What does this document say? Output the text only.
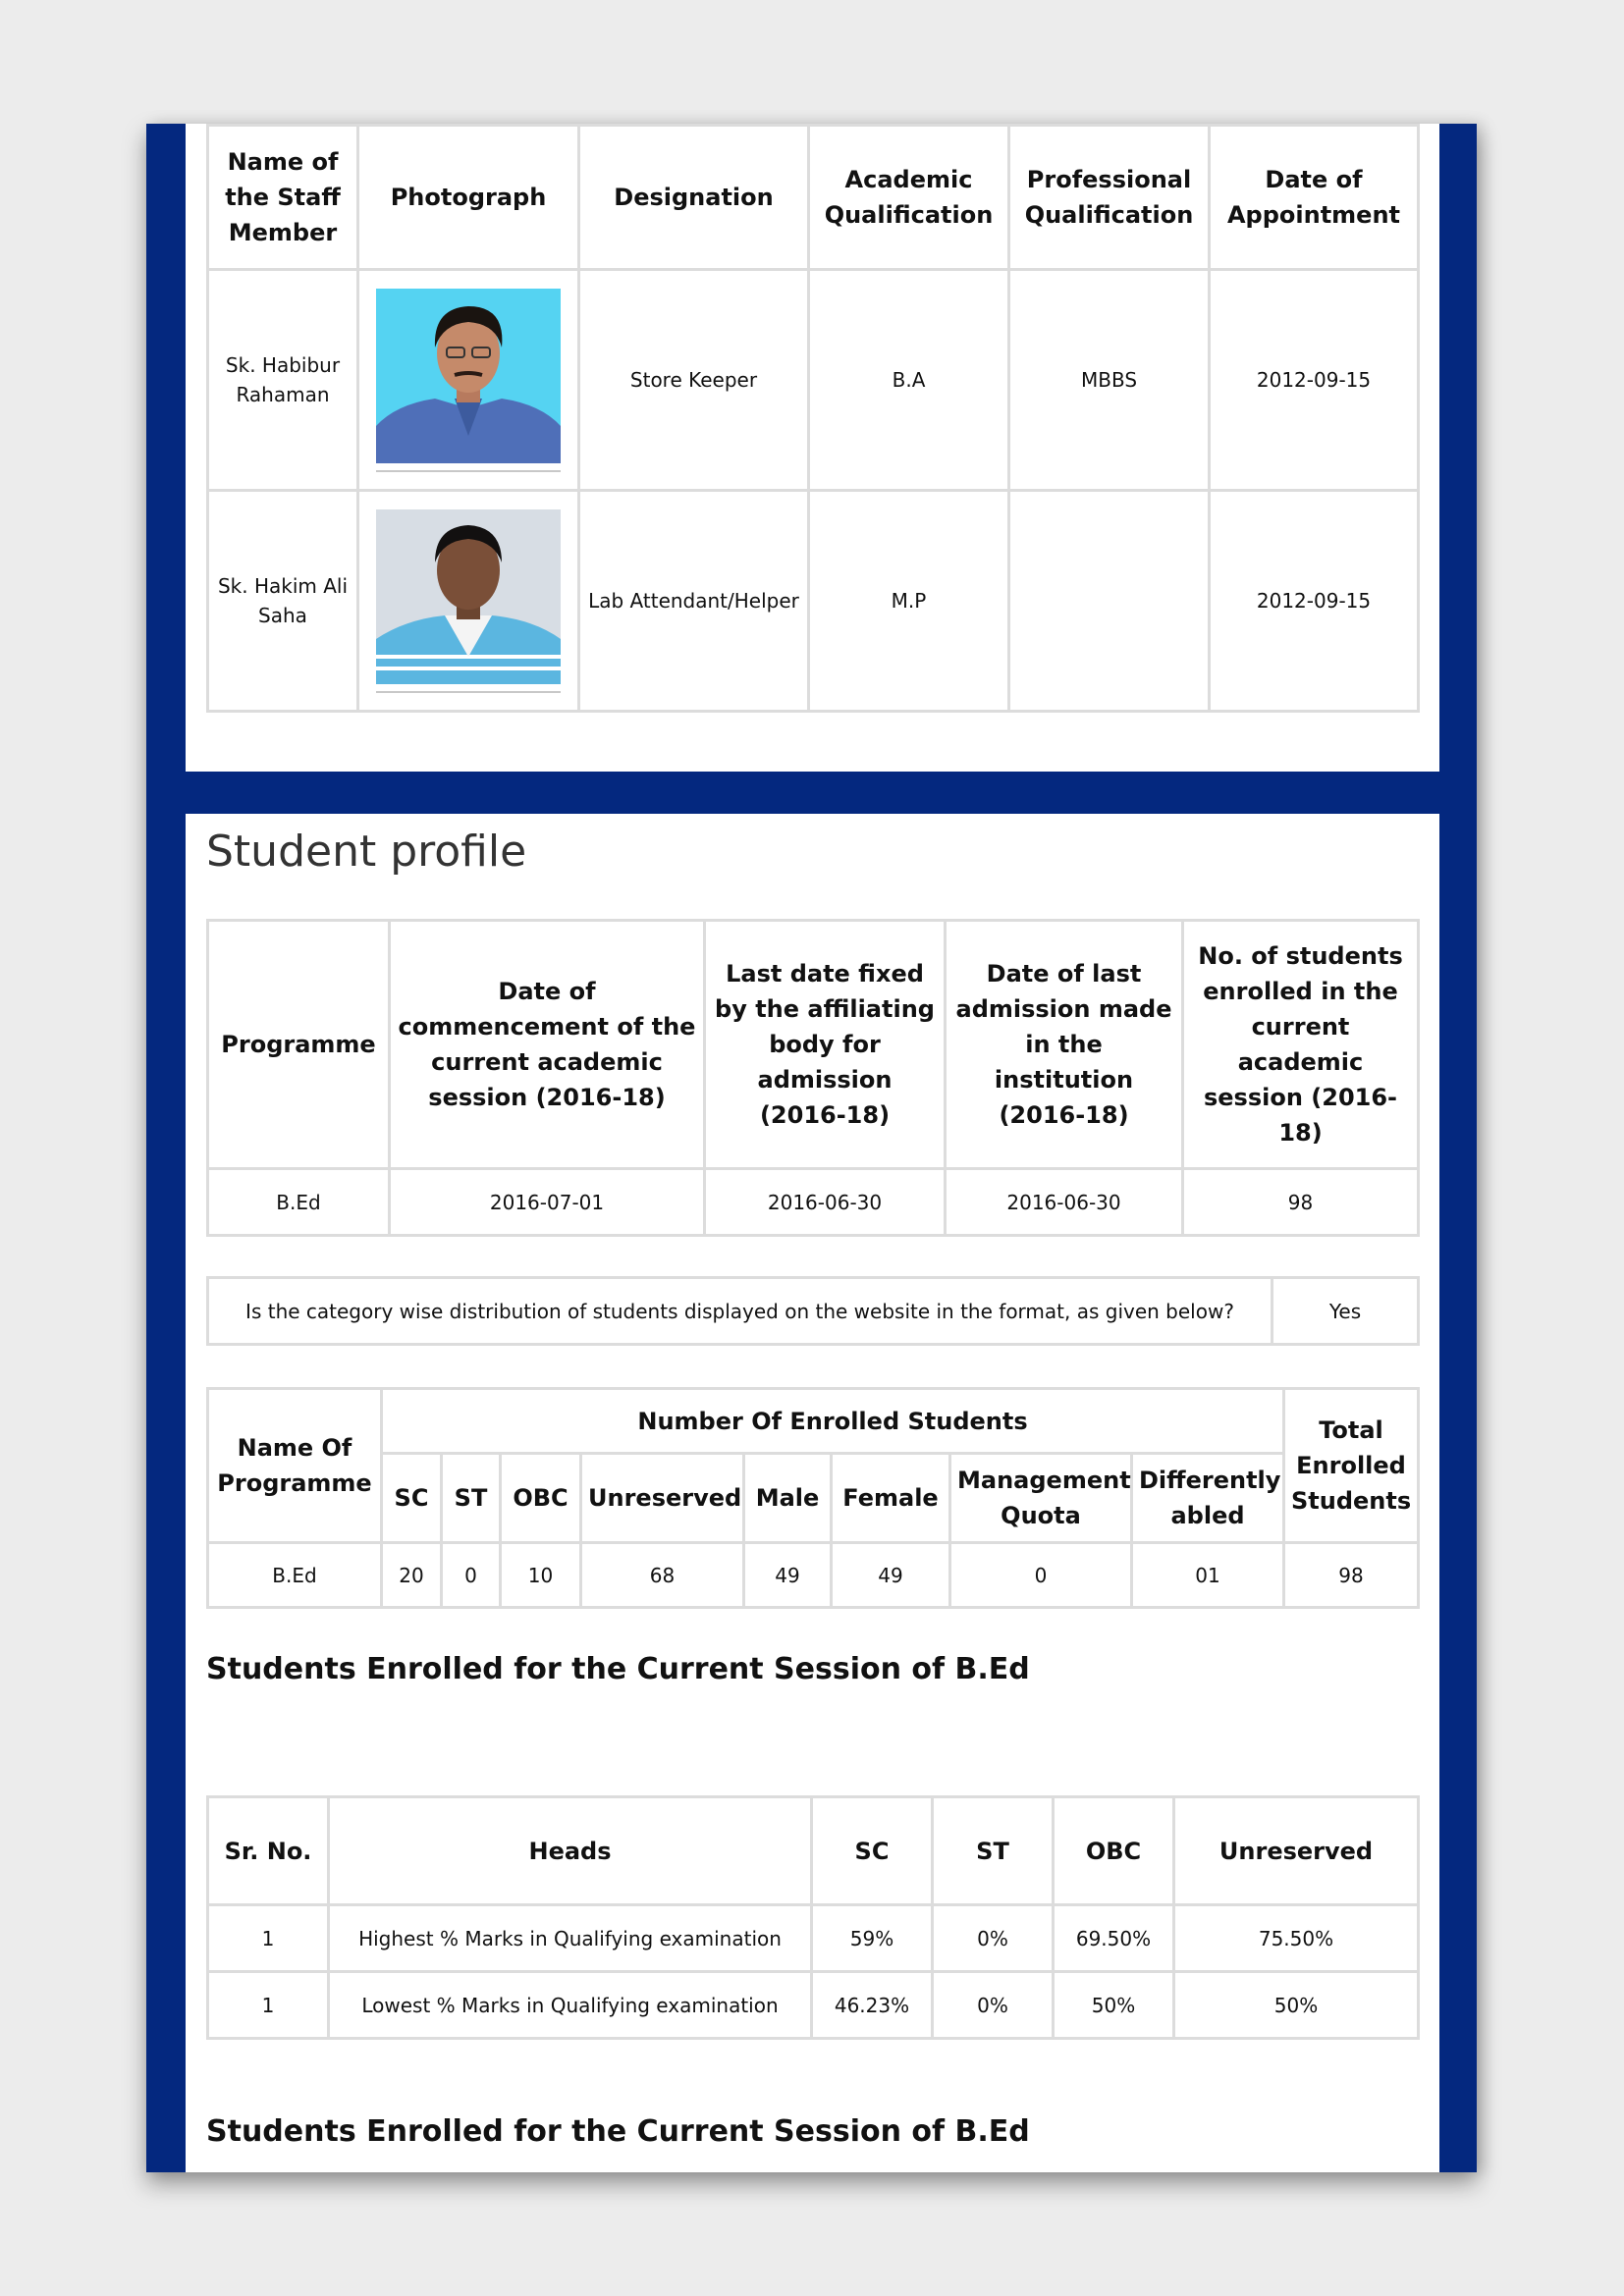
Name of the Staff Member	Photograph	Designation	Academic Qualification	Professional Qualification	Date of Appointment
Sk. Habibur Rahaman		Store Keeper	B.A	MBBS	2012-09-15
Sk. Hakim Ali Saha		Lab Attendant/Helper	M.P		2012-09-15
Student profile
Programme	Date of commencement of the current academic session (2016-18)	Last date fixed by the affiliating body for admission (2016-18)	Date of last admission made in the institution (2016-18)	No. of students enrolled in the current academic session (2016-18)
B.Ed	2016-07-01	2016-06-30	2016-06-30	98
Is the category wise distribution of students displayed on the website in the format, as given below?	Yes
Name Of Programme	Number Of Enrolled Students								Total Enrolled Students
	SC	ST	OBC	Unreserved	Male	Female	Management Quota	Differently abled	
B.Ed	20	0	10	68	49	49	0	01	98
Students Enrolled for the Current Session of B.Ed
Sr. No.	Heads	SC	ST	OBC	Unreserved
1	Highest % Marks in Qualifying examination	59%	0%	69.50%	75.50%
1	Lowest % Marks in Qualifying examination	46.23%	0%	50%	50%
Students Enrolled for the Current Session of B.Ed
